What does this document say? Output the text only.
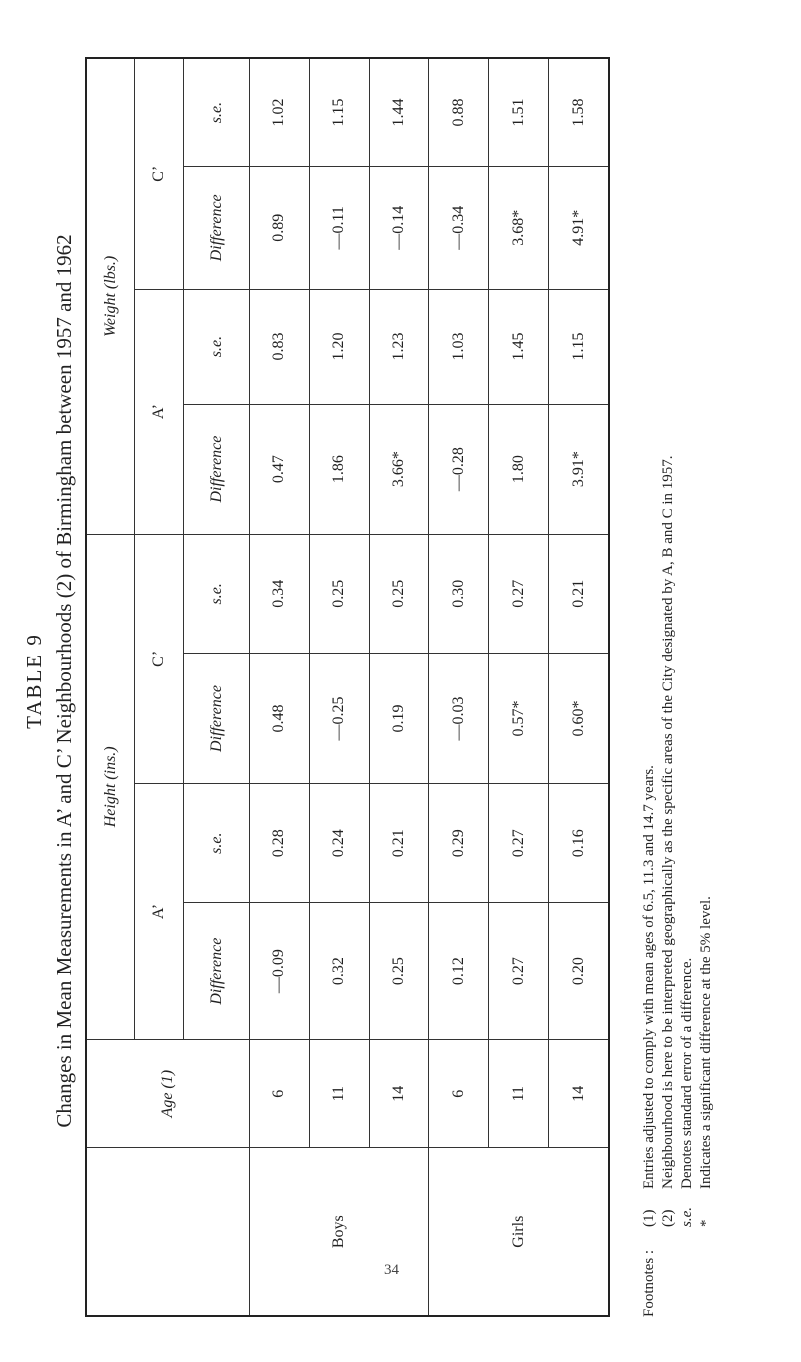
TABLE 9 Changes in Mean Measurements in A’ and C’ Neighbourhoods (2) of Birmingham between 1957 and 1962
		Age (1)	Height (ins.)				Weight (lbs.)			
		A’		C’		A’		C’	
		Difference	s.e.	Difference	s.e.	Difference	s.e.	Difference	s.e.
Boys	6	—0.09	0.28	0.48	0.34	0.47	0.83	0.89	1.02
	11	0.32	0.24	—0.25	0.25	1.86	1.20	—0.11	1.15
	14	0.25	0.21	0.19	0.25	3.66*	1.23	—0.14	1.44
Girls	6	0.12	0.29	—0.03	0.30	—0.28	1.03	—0.34	0.88
	11	0.27	0.27	0.57*	0.27	1.80	1.45	3.68*	1.51
	14	0.20	0.16	0.60*	0.21	3.91*	1.15	4.91*	1.58
Footnotes :
(1)Entries adjusted to comply with mean ages of 6.5, 11.3 and 14.7 years.
(2)Neighbourhood is here to be interpreted geographically as the specific areas of the City designated by A, B and C in 1957.
s.e.Denotes standard error of a difference.
*Indicates a significant difference at the 5% level.
34
